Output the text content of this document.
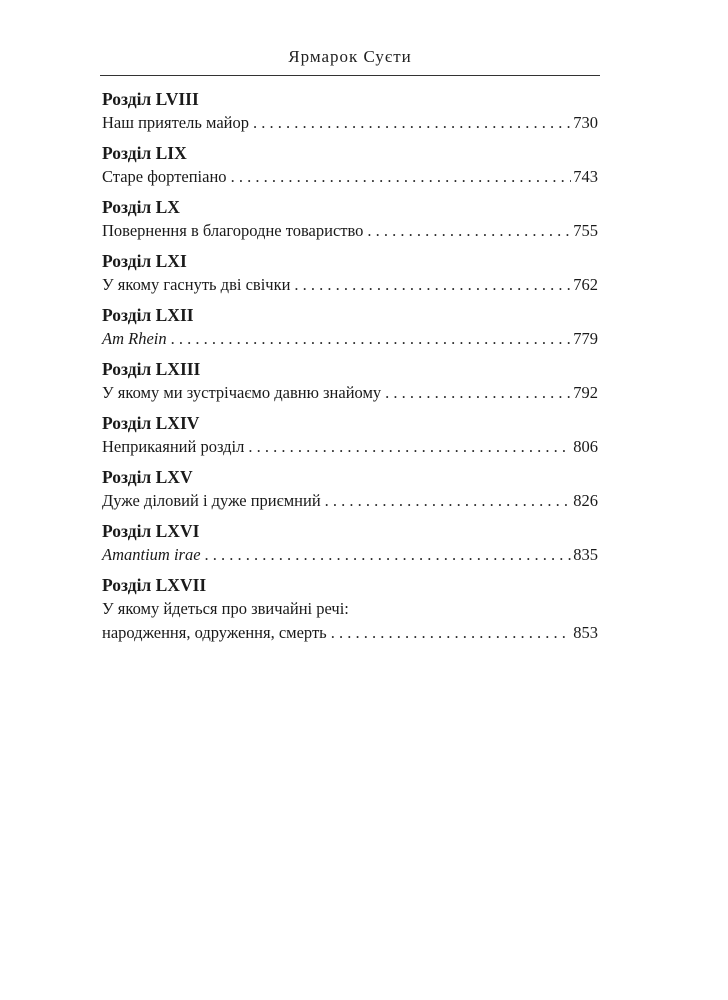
Ярмарок Суєти
Розділ LVIII
Наш приятель майор . . .	730
Розділ LIX
Старе фортепіано . . .	743
Розділ LX
Повернення в благородне товариство . . .	755
Розділ LXI
У якому гаснуть дві свічки . . .	762
Розділ LXII
Am Rhein . . .	779
Розділ LXIII
У якому ми зустрічаємо давню знайому . . .	792
Розділ LXIV
Неприкаяний розділ . . .	806
Розділ LXV
Дуже діловий і дуже приємний . . .	826
Розділ LXVI
Amantium irae . . .	835
Розділ LXVII
У якому йдеться про звичайні речі:
народження, одруження, смерть . . .	853
